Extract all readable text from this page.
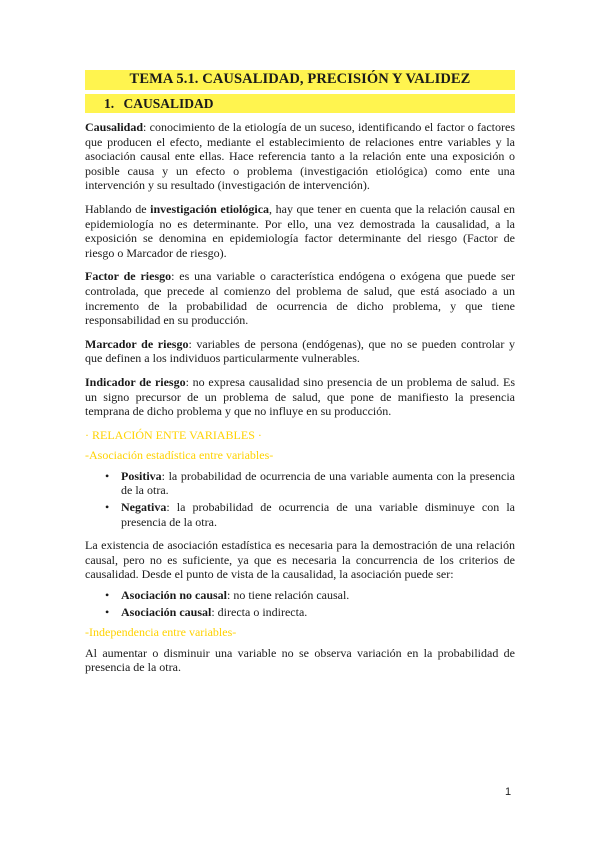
TEMA 5.1. CAUSALIDAD, PRECISIÓN Y VALIDEZ
1. CAUSALIDAD

Causalidad: conocimiento de la etiología de un suceso, identificando el factor o factores que producen el efecto, mediante el establecimiento de relaciones entre variables y la asociación causal ente ellas. Hace referencia tanto a la relación ente una exposición o posible causa y un efecto o problema (investigación etiológica) como ente una intervención y su resultado (investigación de intervención).

Hablando de investigación etiológica, hay que tener en cuenta que la relación causal en epidemiología no es determinante. Por ello, una vez demostrada la causalidad, a la exposición se denomina en epidemiología factor determinante del riesgo (Factor de riesgo o Marcador de riesgo).

Factor de riesgo: es una variable o característica endógena o exógena que puede ser controlada, que precede al comienzo del problema de salud, que está asociado a un incremento de la probabilidad de ocurrencia de dicho problema, y que tiene responsabilidad en su producción.

Marcador de riesgo: variables de persona (endógenas), que no se pueden controlar y que definen a los individuos particularmente vulnerables.

Indicador de riesgo: no expresa causalidad sino presencia de un problema de salud. Es un signo precursor de un problema de salud, que pone de manifiesto la presencia temprana de dicho problema y que no influye en su producción.

· RELACIÓN ENTE VARIABLES ·
-Asociación estadística entre variables-
• Positiva: la probabilidad de ocurrencia de una variable aumenta con la presencia de la otra.
• Negativa: la probabilidad de ocurrencia de una variable disminuye con la presencia de la otra.

La existencia de asociación estadística es necesaria para la demostración de una relación causal, pero no es suficiente, ya que es necesaria la concurrencia de los criterios de causalidad. Desde el punto de vista de la causalidad, la asociación puede ser:

• Asociación no causal: no tiene relación causal.
• Asociación causal: directa o indirecta.
-Independencia entre variables-

Al aumentar o disminuir una variable no se observa variación en la probabilidad de presencia de la otra.

1
